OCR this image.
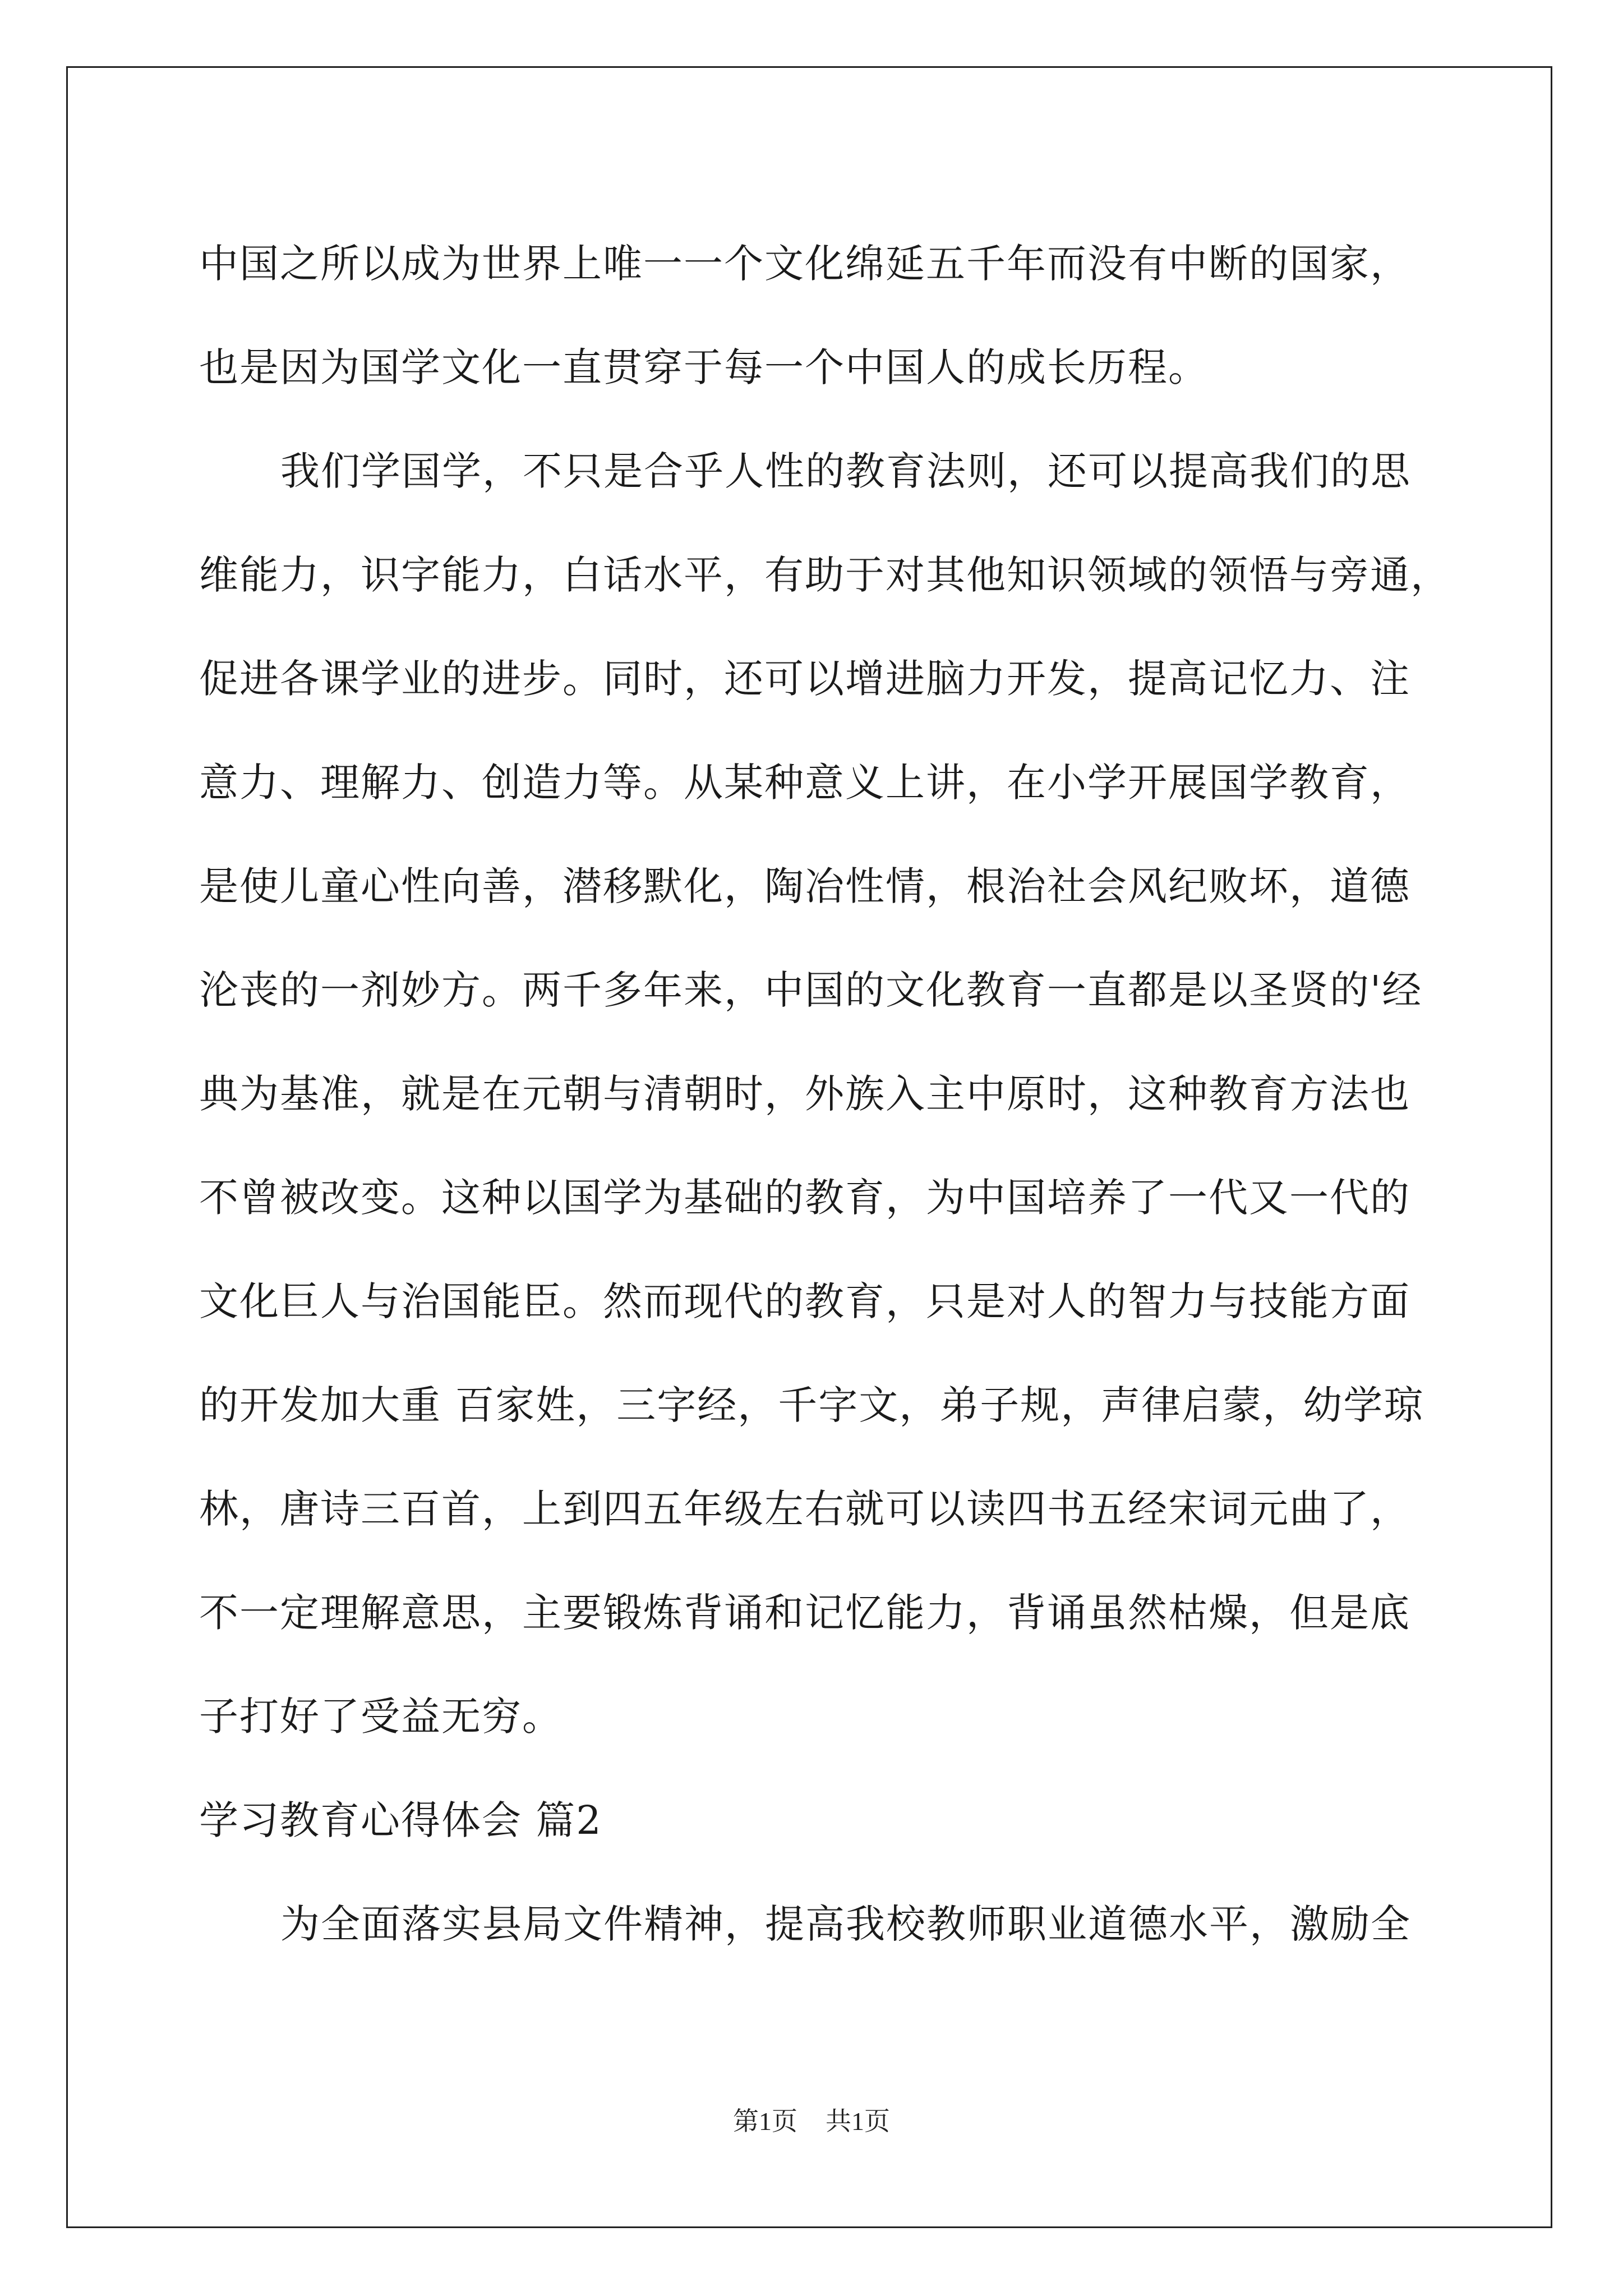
中国之所以成为世界上唯一一个文化绵延五千年而没有中断的国家，
也是因为国学文化一直贯穿于每一个中国人的成长历程。
我们学国学，不只是合乎人性的教育法则，还可以提高我们的思
维能力，识字能力，白话水平，有助于对其他知识领域的领悟与旁通，
促进各课学业的进步。同时，还可以增进脑力开发，提高记忆力、注
意力、理解力、创造力等。从某种意义上讲，在小学开展国学教育，
是使儿童心性向善，潜移默化，陶冶性情，根治社会风纪败坏，道德
沦丧的一剂妙方。两千多年来，中国的文化教育一直都是以圣贤的'经
典为基准，就是在元朝与清朝时，外族入主中原时，这种教育方法也
不曾被改变。这种以国学为基础的教育，为中国培养了一代又一代的
文化巨人与治国能臣。然而现代的教育，只是对人的智力与技能方面
的开发加大重 百家姓，三字经，千字文，弟子规，声律启蒙，幼学琼
林，唐诗三百首，上到四五年级左右就可以读四书五经宋词元曲了，
不一定理解意思，主要锻炼背诵和记忆能力，背诵虽然枯燥，但是底
子打好了受益无穷。
学习教育心得体会 篇2
为全面落实县局文件精神，提高我校教师职业道德水平，激励全
第1页 共1页
